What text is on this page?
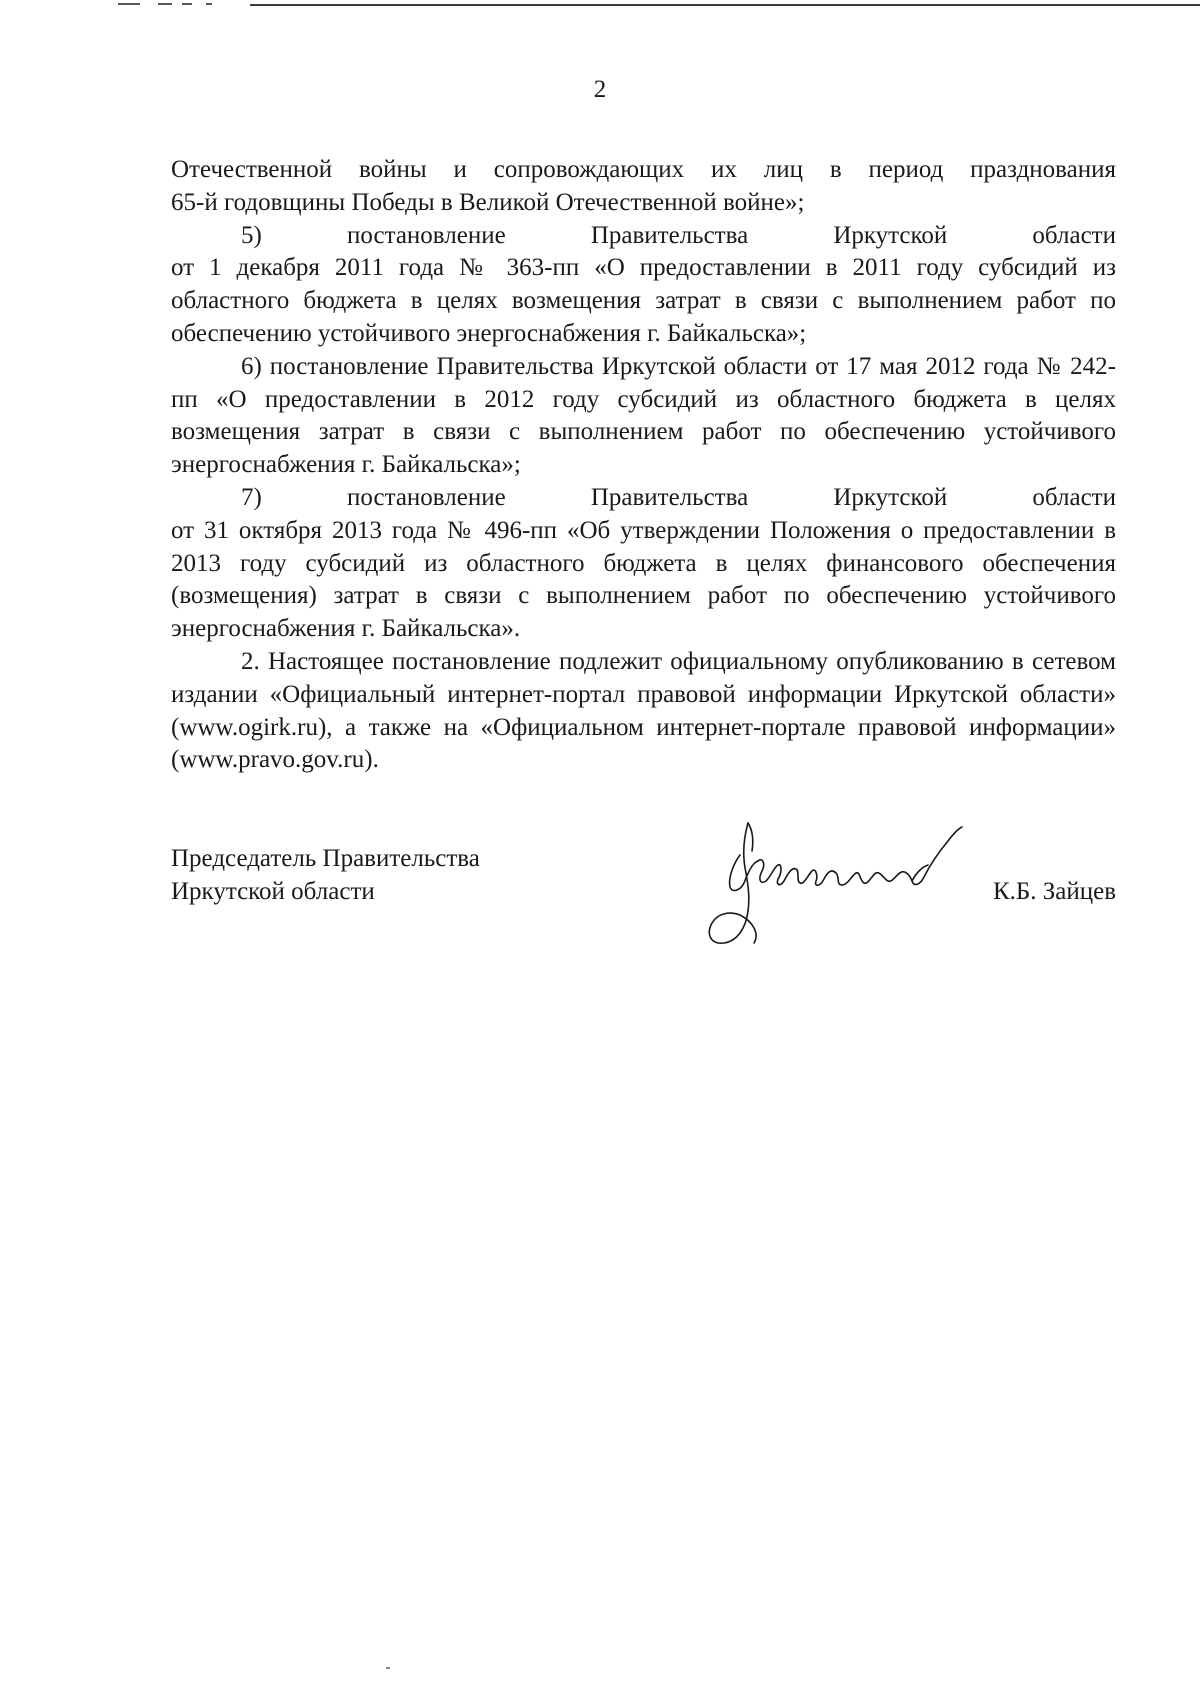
2

Отечественной войны и сопровождающих их лиц в период празднования

65-й годовщины Победы в Великой Отечественной войне»;

5) постановление Правительства Иркутской области

от 1 декабря 2011 года № 363-пп «О предоставлении в 2011 году субсидий из областного бюджета в целях возмещения затрат в связи с выполнением работ по обеспечению устойчивого энергоснабжения г. Байкальска»;

6) постановление Правительства Иркутской области от 17 мая 2012 года № 242-пп «О предоставлении в 2012 году субсидий из областного бюджета в целях возмещения затрат в связи с выполнением работ по обеспечению устойчивого энергоснабжения г. Байкальска»;

7) постановление Правительства Иркутской области

от 31 октября 2013 года № 496-пп «Об утверждении Положения о предоставлении в 2013 году субсидий из областного бюджета в целях финансового обеспечения (возмещения) затрат в связи с выполнением работ по обеспечению устойчивого энергоснабжения г. Байкальска».

2. Настоящее постановление подлежит официальному опубликованию в сетевом издании «Официальный интернет-портал правовой информации Иркутской области» (www.ogirk.ru), а также на «Официальном интернет-портале правовой информации» (www.pravo.gov.ru).

Председатель Правительства
Иркутской области	К.Б. Зайцев
